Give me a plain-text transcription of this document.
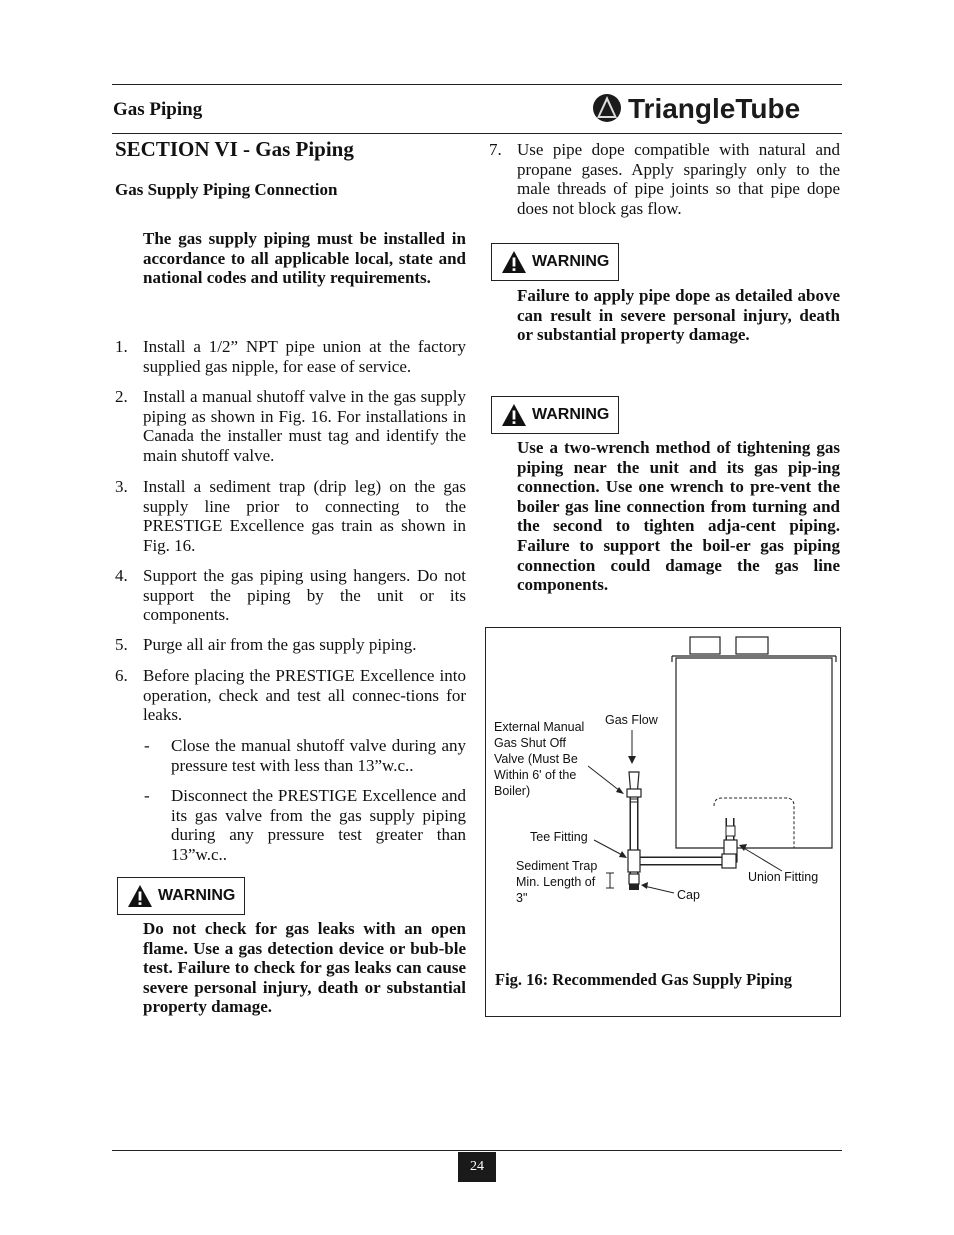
Gas Piping	TriangleTube
SECTION VI - Gas Piping
Gas Supply Piping Connection
The gas supply piping must be installed in accordance to all applicable local, state and national codes and utility requirements.
1. Install a 1/2” NPT pipe union at the factory supplied gas nipple, for ease of service.
2. Install a manual shutoff valve in the gas supply piping as shown in Fig. 16. For installations in Canada the installer must tag and identify the main shutoff valve.
3. Install a sediment trap (drip leg) on the gas supply line prior to connecting to the PRESTIGE Excellence gas train as shown in Fig. 16.
4. Support the gas piping using hangers. Do not support the piping by the unit or its components.
5. Purge all air from the gas supply piping.
6. Before placing the PRESTIGE Excellence into operation, check and test all connec-tions for leaks.
- Close the manual shutoff valve during any pressure test with less than 13”w.c..
- Disconnect the PRESTIGE Excellence and its gas valve from the gas supply piping during any pressure test greater than 13”w.c..
WARNING
Do not check for gas leaks with an open flame. Use a gas detection device or bub-ble test. Failure to check for gas leaks can cause severe personal injury, death or substantial property damage.
7. Use pipe dope compatible with natural and propane gases. Apply sparingly only to the male threads of pipe joints so that pipe dope does not block gas flow.
WARNING
Failure to apply pipe dope as detailed above can result in severe personal injury, death or substantial property damage.
WARNING
Use a two-wrench method of tightening gas piping near the unit and its gas pip-ing connection. Use one wrench to pre-vent the boiler gas line connection from turning and the second to tighten adja-cent piping. Failure to support the boil-er gas piping connection could damage the gas line components.
External Manual Gas Shut Off Valve (Must Be Within 6' of the Boiler)
Gas Flow
Tee Fitting
Sediment Trap Min. Length of 3"	Cap
Union Fitting
Fig. 16: Recommended Gas Supply Piping
24
